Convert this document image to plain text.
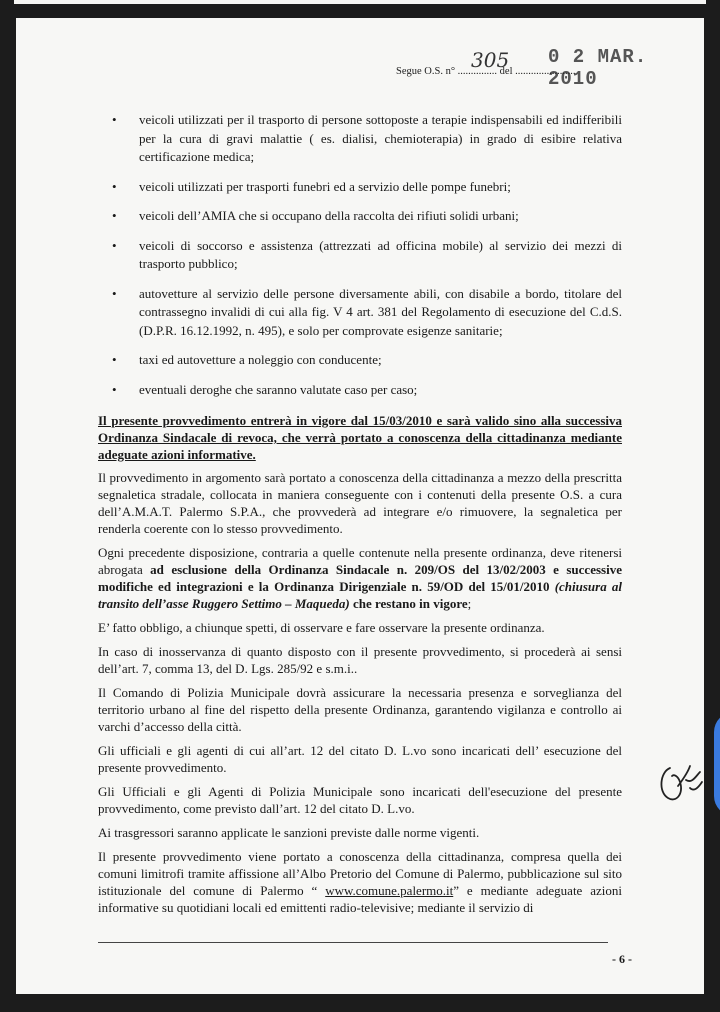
305 0 2 MAR. 2010
Segue O.S. n° ............... del .......................
• veicoli utilizzati per il trasporto di persone sottoposte a terapie indispensabili ed indifferibili per la cura di gravi malattie ( es. dialisi, chemioterapia) in grado di esibire relativa certificazione medica;
• veicoli utilizzati per trasporti funebri ed a servizio delle pompe funebri;
• veicoli dell’AMIA che si occupano della raccolta dei rifiuti solidi urbani;
• veicoli di soccorso e assistenza (attrezzati ad officina mobile) al servizio dei mezzi di trasporto pubblico;
• autovetture al servizio delle persone diversamente abili, con disabile a bordo, titolare del contrassegno invalidi di cui alla fig. V 4 art. 381 del Regolamento di esecuzione del C.d.S. (D.P.R. 16.12.1992, n. 495), e solo per comprovate esigenze sanitarie;
• taxi ed autovetture a noleggio con conducente;
• eventuali deroghe che saranno valutate caso per caso;

Il presente provvedimento entrerà in vigore dal 15/03/2010 e sarà valido sino alla successiva Ordinanza Sindacale di revoca, che verrà portato a conoscenza della cittadinanza mediante adeguate azioni informative.

Il provvedimento in argomento sarà portato a conoscenza della cittadinanza a mezzo della prescritta segnaletica stradale, collocata in maniera conseguente con i contenuti della presente O.S. a cura dell’A.M.A.T. Palermo S.P.A., che provvederà ad integrare e/o rimuovere, la segnaletica per renderla coerente con lo stesso provvedimento.

Ogni precedente disposizione, contraria a quelle contenute nella presente ordinanza, deve ritenersi abrogata ad esclusione della Ordinanza Sindacale n. 209/OS del 13/02/2003 e successive modifiche ed integrazioni e la Ordinanza Dirigenziale n. 59/OD del 15/01/2010 (chiusura al transito dell’asse Ruggero Settimo – Maqueda) che restano in vigore;

E’ fatto obbligo, a chiunque spetti, di osservare e fare osservare la presente ordinanza.

In caso di inosservanza di quanto disposto con il presente provvedimento, si procederà ai sensi dell’art. 7, comma 13, del D. Lgs. 285/92 e s.m.i..

Il Comando di Polizia Municipale dovrà assicurare la necessaria presenza e sorveglianza del territorio urbano al fine del rispetto della presente Ordinanza, garantendo vigilanza e controllo ai varchi d’accesso della città.

Gli ufficiali e gli agenti di cui all’art. 12 del citato D. L.vo sono incaricati dell’ esecuzione del presente provvedimento.

Gli Ufficiali e gli Agenti di Polizia Municipale sono incaricati dell'esecuzione del presente provvedimento, come previsto dall’art. 12 del citato D. L.vo.

Ai trasgressori saranno applicate le sanzioni previste dalle norme vigenti.

Il presente provvedimento viene portato a conoscenza della cittadinanza, compresa quella dei comuni limitrofi tramite affissione all’Albo Pretorio del Comune di Palermo, pubblicazione sul sito istituzionale del comune di Palermo “ www.comune.palermo.it” e mediante adeguate azioni informative su quotidiani locali ed emittenti radio-televisive; mediante il servizio di

- 6 -
